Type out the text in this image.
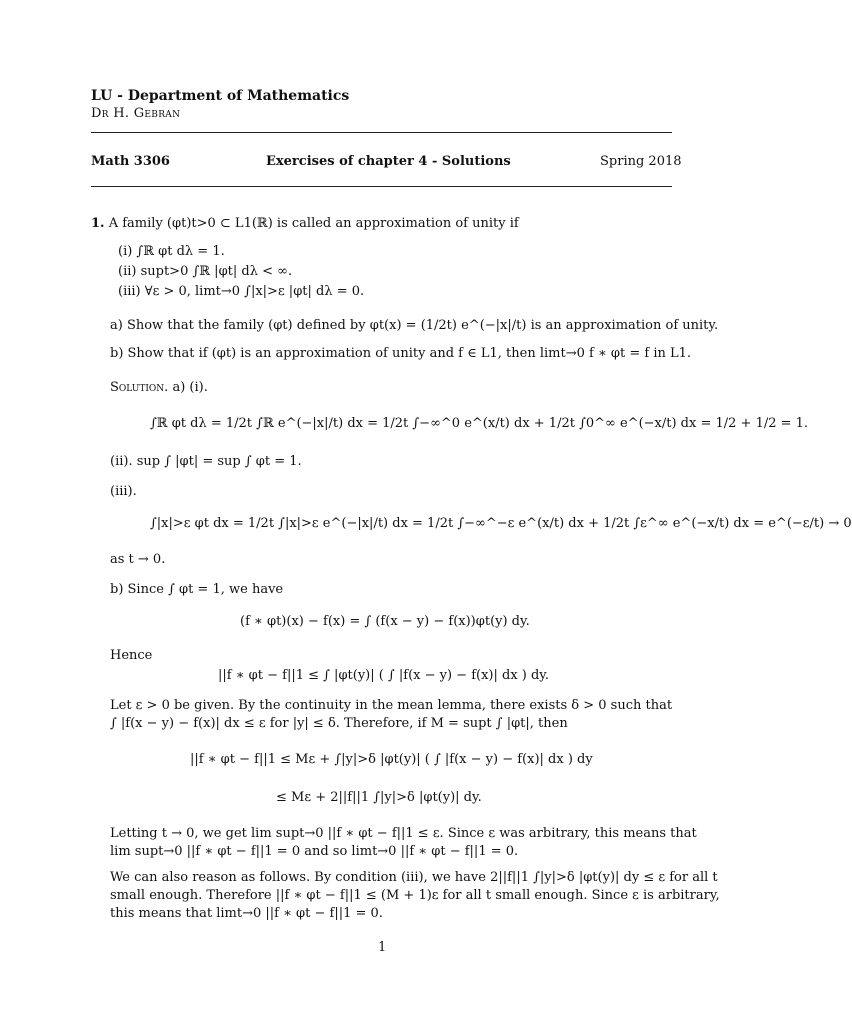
LU - Department of Mathematics
Dr H. Gebran
Math 3306	Exercises of chapter 4 - Solutions	Spring 2018
1. A family (φt)t>0 ⊂ L1(ℝ) is called an approximation of unity if
(i) ∫ℝ φt dλ = 1.
(ii) supt>0 ∫ℝ |φt| dλ < ∞.
(iii) ∀ε > 0, limt→0 ∫|x|>ε |φt| dλ = 0.
a) Show that the family (φt) defined by φt(x) = (1/2t) e^(−|x|/t) is an approximation of unity.
b) Show that if (φt) is an approximation of unity and f ∈ L1, then limt→0 f ∗ φt = f in L1.
Solution. a) (i).
∫ℝ φt dλ = 1/2t ∫ℝ e^(−|x|/t) dx = 1/2t ∫−∞^0 e^(x/t) dx + 1/2t ∫0^∞ e^(−x/t) dx = 1/2 + 1/2 = 1.
(ii). sup ∫ |φt| = sup ∫ φt = 1.
(iii).
∫|x|>ε φt dx = 1/2t ∫|x|>ε e^(−|x|/t) dx = 1/2t ∫−∞^−ε e^(x/t) dx + 1/2t ∫ε^∞ e^(−x/t) dx = e^(−ε/t) → 0
as t → 0.
b) Since ∫ φt = 1, we have
(f ∗ φt)(x) − f(x) = ∫ (f(x − y) − f(x))φt(y) dy.
Hence
||f ∗ φt − f||1 ≤ ∫ |φt(y)| ( ∫ |f(x − y) − f(x)| dx ) dy.
Let ε > 0 be given. By the continuity in the mean lemma, there exists δ > 0 such that
∫ |f(x − y) − f(x)| dx ≤ ε for |y| ≤ δ. Therefore, if M = supt ∫ |φt|, then
||f ∗ φt − f||1 ≤ Mε + ∫|y|>δ |φt(y)| ( ∫ |f(x − y) − f(x)| dx ) dy
≤ Mε + 2||f||1 ∫|y|>δ |φt(y)| dy.
Letting t → 0, we get lim supt→0 ||f ∗ φt − f||1 ≤ ε. Since ε was arbitrary, this means that
lim supt→0 ||f ∗ φt − f||1 = 0 and so limt→0 ||f ∗ φt − f||1 = 0.
We can also reason as follows. By condition (iii), we have 2||f||1 ∫|y|>δ |φt(y)| dy ≤ ε for all t
small enough. Therefore ||f ∗ φt − f||1 ≤ (M + 1)ε for all t small enough. Since ε is arbitrary,
this means that limt→0 ||f ∗ φt − f||1 = 0.
1
